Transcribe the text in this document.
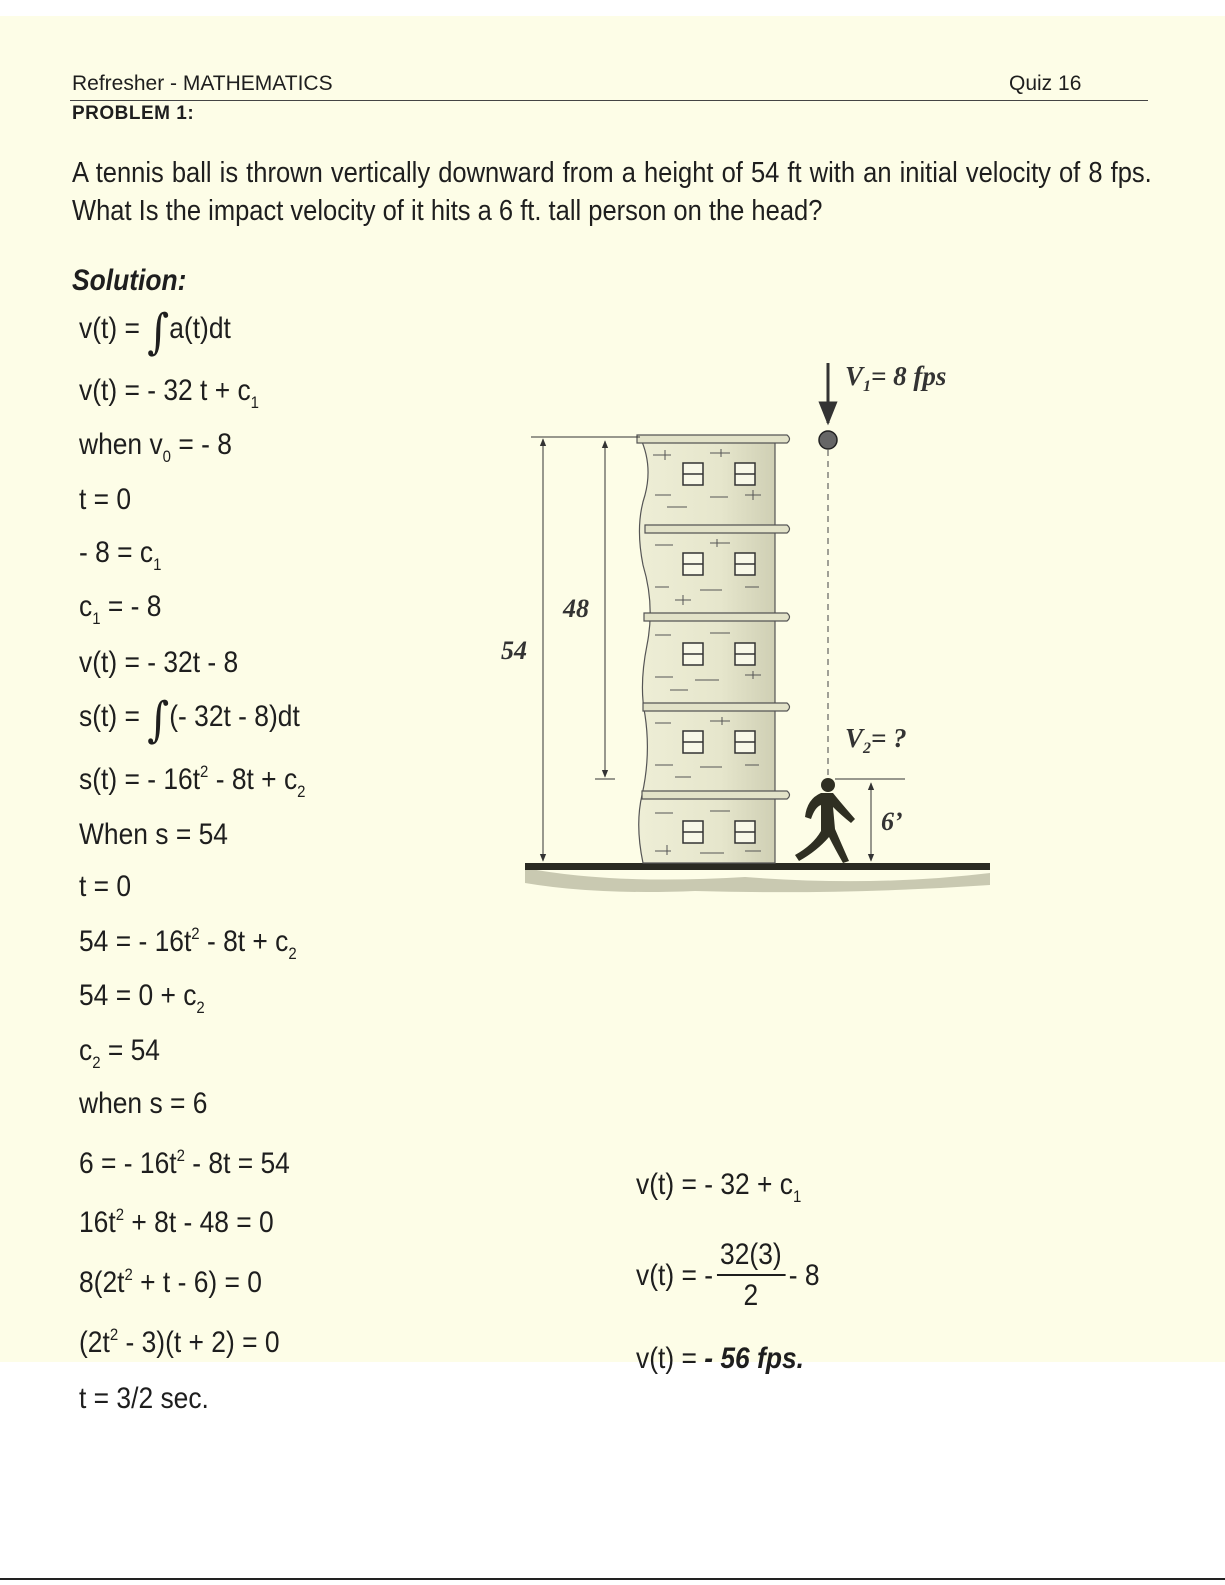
Refresher - MATHEMATICS	Quiz 16
PROBLEM 1:
A tennis ball is thrown vertically downward from a height of 54 ft with an initial velocity of 8 fps. What Is the impact velocity of it hits a 6 ft. tall person on the head?
Solution:
v(t) = ∫a(t)dt
v(t) = - 32 $t + c_1$
when $v_0$ = - 8
t = 0
- $8 = c_1$
$c_1$ = - 8
v(t) = - 32t - 8
s(t) = ∫(- 32t - 8)dt
s(t) = - $16t^2 - 8t + c_2$
When s = 54
t = 0
54 = - $16t^2 - 8t + c_2$
$54 = 0 + c_2$
$c_2 = 54$
when s = 6
6 = - $16t^2 - 8t = 54$
$16t^2 + 8t - 48 = 0$
$8(2t^2 + t - 6) = 0$
$(2t^2 - 3)(t + 2) = 0$
t = 3/2 sec.
v(t) = - $32 + c_1$
v(t) = - $\frac{32(3)}{2} - 8$
v(t) = - 56 fps.
54
48
$V_1= 8$ fps
$V_2=$ ?
6’
